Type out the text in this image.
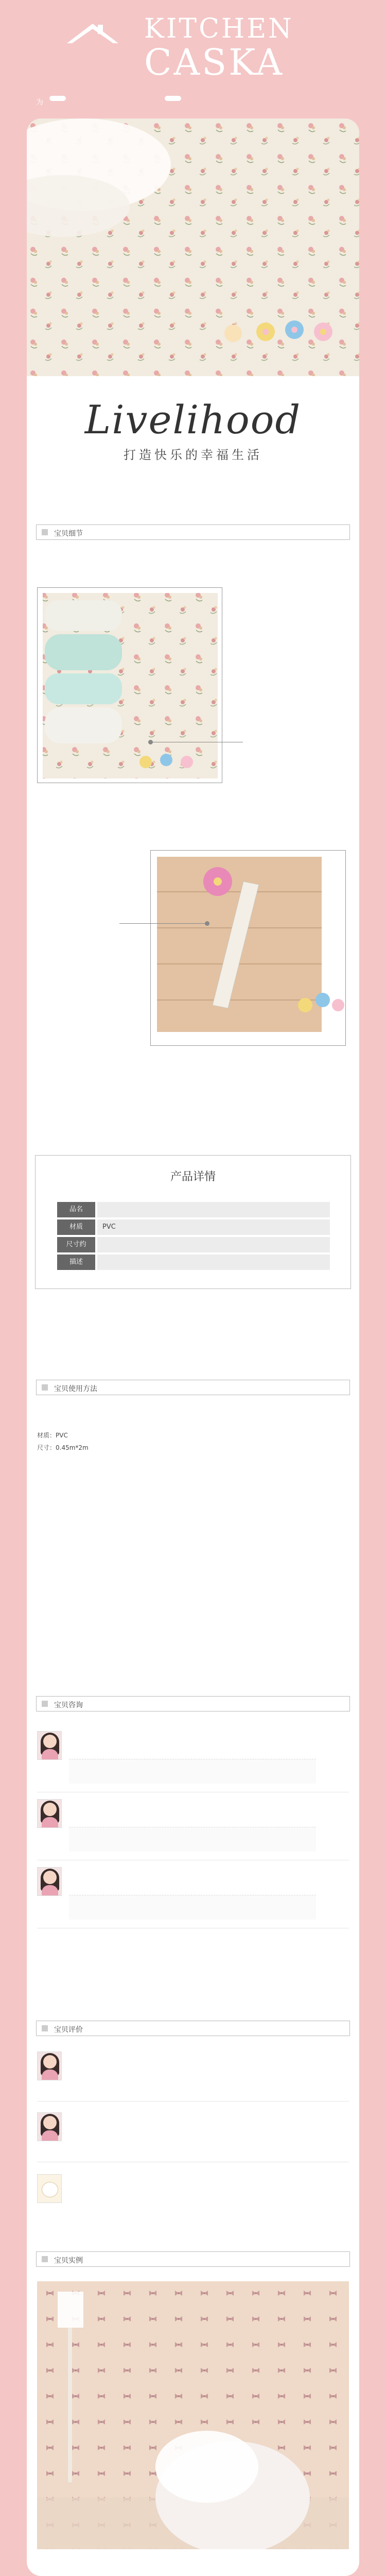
KITCHEN
CASKA
为
Livelihood
打造快乐的幸福生活
宝贝细节
产品详情
品名
材质	PVC
尺寸约
描述
宝贝使用方法
材质：PVC
尺寸：0.45m*2m
宝贝咨询
宝贝评价
宝贝实例
